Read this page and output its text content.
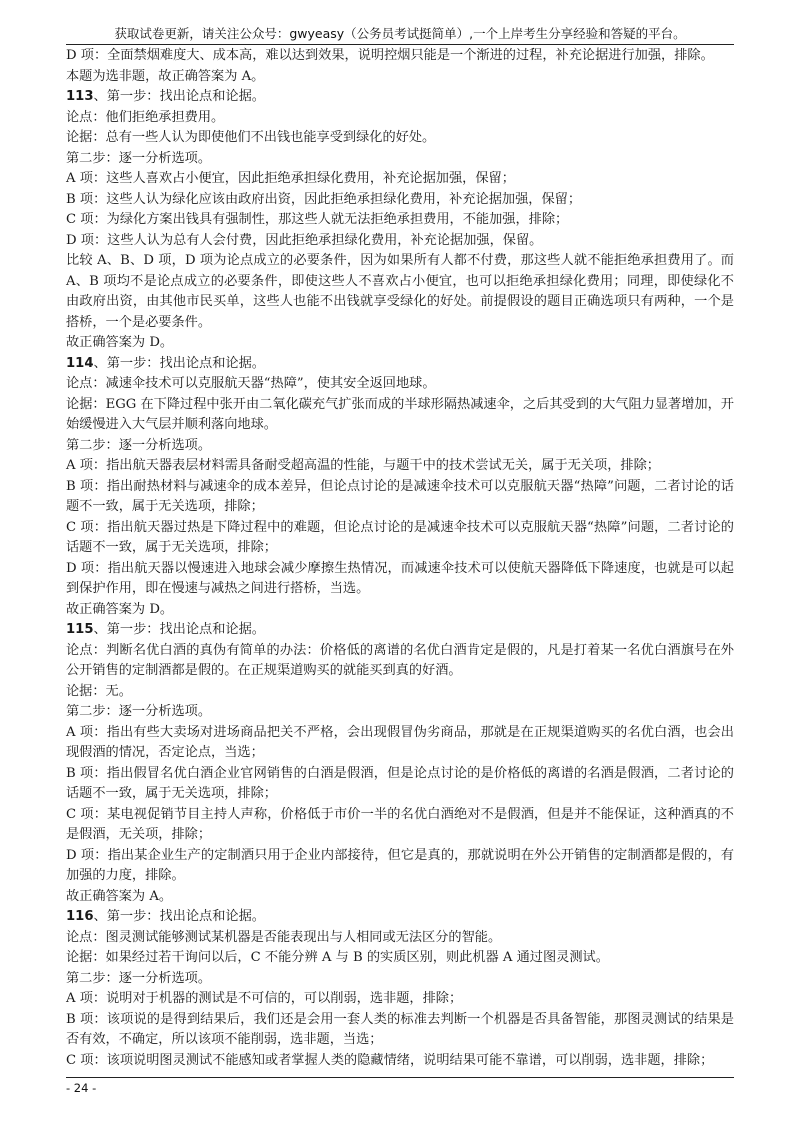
获取试卷更新，请关注公众号：gwyeasy（公务员考试挺简单）,一个上岸考生分享经验和答疑的平台。

D 项：全面禁烟难度大、成本高，难以达到效果，说明控烟只能是一个渐进的过程，补充论据进行加强，排除。

本题为选非题，故正确答案为 A。

113、第一步：找出论点和论据。

论点：他们拒绝承担费用。

论据：总有一些人认为即使他们不出钱也能享受到绿化的好处。

第二步：逐一分析选项。

A 项：这些人喜欢占小便宜，因此拒绝承担绿化费用，补充论据加强，保留；

B 项：这些人认为绿化应该由政府出资，因此拒绝承担绿化费用，补充论据加强，保留；

C 项：为绿化方案出钱具有强制性，那这些人就无法拒绝承担费用，不能加强，排除；

D 项：这些人认为总有人会付费，因此拒绝承担绿化费用，补充论据加强，保留。

比较 A、B、D 项，D 项为论点成立的必要条件，因为如果所有人都不付费，那这些人就不能拒绝承担费用了。而 A、B 项均不是论点成立的必要条件，即使这些人不喜欢占小便宜，也可以拒绝承担绿化费用；同理，即使绿化不由政府出资，由其他市民买单，这些人也能不出钱就享受绿化的好处。前提假设的题目正确选项只有两种，一个是搭桥，一个是必要条件。

故正确答案为 D。

114、第一步：找出论点和论据。

论点：减速伞技术可以克服航天器“热障”，使其安全返回地球。

论据：EGG 在下降过程中张开由二氧化碳充气扩张而成的半球形隔热减速伞，之后其受到的大气阻力显著增加，开始缓慢进入大气层并顺利落向地球。

第二步：逐一分析选项。

A 项：指出航天器表层材料需具备耐受超高温的性能，与题干中的技术尝试无关，属于无关项，排除；

B 项：指出耐热材料与减速伞的成本差异，但论点讨论的是减速伞技术可以克服航天器“热障”问题，二者讨论的话题不一致，属于无关选项，排除；

C 项：指出航天器过热是下降过程中的难题，但论点讨论的是减速伞技术可以克服航天器“热障”问题，二者讨论的话题不一致，属于无关选项，排除；

D 项：指出航天器以慢速进入地球会减少摩擦生热情况，而减速伞技术可以使航天器降低下降速度，也就是可以起到保护作用，即在慢速与减热之间进行搭桥，当选。

故正确答案为 D。

115、第一步：找出论点和论据。

论点：判断名优白酒的真伪有简单的办法：价格低的离谱的名优白酒肯定是假的，凡是打着某一名优白酒旗号在外公开销售的定制酒都是假的。在正规渠道购买的就能买到真的好酒。

论据：无。

第二步：逐一分析选项。

A 项：指出有些大卖场对进场商品把关不严格，会出现假冒伪劣商品，那就是在正规渠道购买的名优白酒，也会出现假酒的情况，否定论点，当选；

B 项：指出假冒名优白酒企业官网销售的白酒是假酒，但是论点讨论的是价格低的离谱的名酒是假酒，二者讨论的话题不一致，属于无关选项，排除；

C 项：某电视促销节目主持人声称，价格低于市价一半的名优白酒绝对不是假酒，但是并不能保证，这种酒真的不是假酒，无关项，排除；

D 项：指出某企业生产的定制酒只用于企业内部接待，但它是真的，那就说明在外公开销售的定制酒都是假的，有加强的力度，排除。

故正确答案为 A。

116、第一步：找出论点和论据。

论点：图灵测试能够测试某机器是否能表现出与人相同或无法区分的智能。

论据：如果经过若干询问以后，C 不能分辨 A 与 B 的实质区别，则此机器 A 通过图灵测试。

第二步：逐一分析选项。

A 项：说明对于机器的测试是不可信的，可以削弱，选非题，排除；

B 项：该项说的是得到结果后，我们还是会用一套人类的标准去判断一个机器是否具备智能，那图灵测试的结果是否有效，不确定，所以该项不能削弱，选非题，当选；

C 项：该项说明图灵测试不能感知或者掌握人类的隐藏情绪，说明结果可能不靠谱，可以削弱，选非题，排除；

- 24 -
